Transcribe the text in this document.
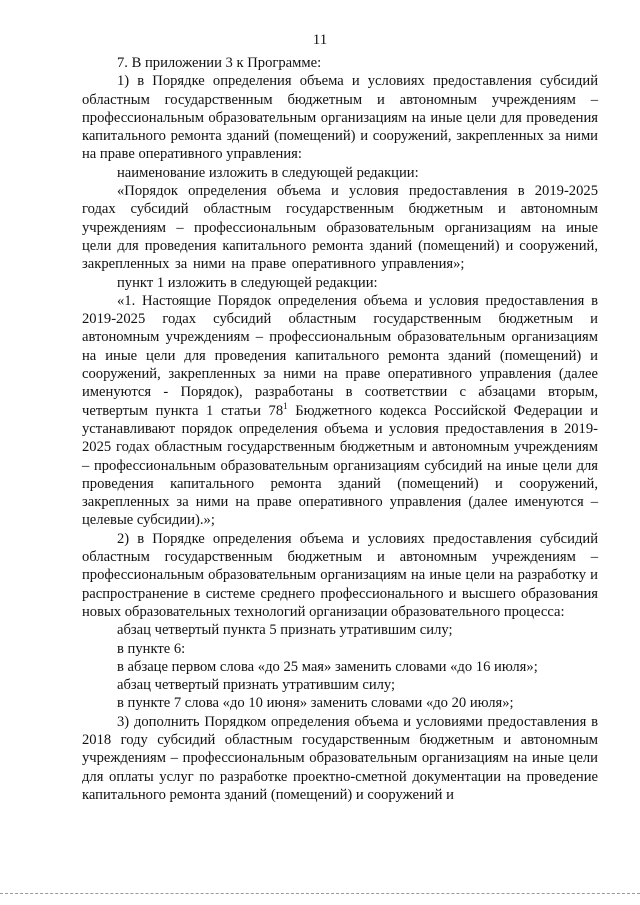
11

7. В приложении 3 к Программе:

1) в Порядке определения объема и условиях предоставления субсидий областным государственным бюджетным и автономным учреждениям – профессиональным образовательным организациям на иные цели для проведения капитального ремонта зданий (помещений) и сооружений, закрепленных за ними на праве оперативного управления:

наименование изложить в следующей редакции:

«Порядок определения объема и условия предоставления в 2019-2025 годах субсидий областным государственным бюджетным и автономным учреждениям – профессиональным образовательным организациям на иные цели для проведения капитального ремонта зданий (помещений) и сооружений, закрепленных за ними на праве оперативного управления»;

пункт 1 изложить в следующей редакции:

«1. Настоящие Порядок определения объема и условия предоставления в 2019-2025 годах субсидий областным государственным бюджетным и автономным учреждениям – профессиональным образовательным организациям на иные цели для проведения капитального ремонта зданий (помещений) и сооружений, закрепленных за ними на праве оперативного управления (далее именуются - Порядок), разработаны в соответствии с абзацами вторым, четвертым пункта 1 статьи $78^1$ Бюджетного кодекса Российской Федерации и устанавливают порядок определения объема и условия предоставления в 2019-2025 годах областным государственным бюджетным и автономным учреждениям – профессиональным образовательным организациям субсидий на иные цели для проведения капитального ремонта зданий (помещений) и сооружений, закрепленных за ними на праве оперативного управления (далее именуются – целевые субсидии).»;

2) в Порядке определения объема и условиях предоставления субсидий областным государственным бюджетным и автономным учреждениям – профессиональным образовательным организациям на иные цели на разработку и распространение в системе среднего профессионального и высшего образования новых образовательных технологий организации образовательного процесса:

абзац четвертый пункта 5 признать утратившим силу;

в пункте 6:

в абзаце первом слова «до 25 мая» заменить словами «до 16 июля»;

абзац четвертый признать утратившим силу;

в пункте 7 слова «до 10 июня» заменить словами «до 20 июля»;

3) дополнить Порядком определения объема и условиями предоставления в 2018 году субсидий областным государственным бюджетным и автономным учреждениям – профессиональным образовательным организациям на иные цели для оплаты услуг по разработке проектно-сметной документации на проведение капитального ремонта зданий (помещений) и сооружений и
